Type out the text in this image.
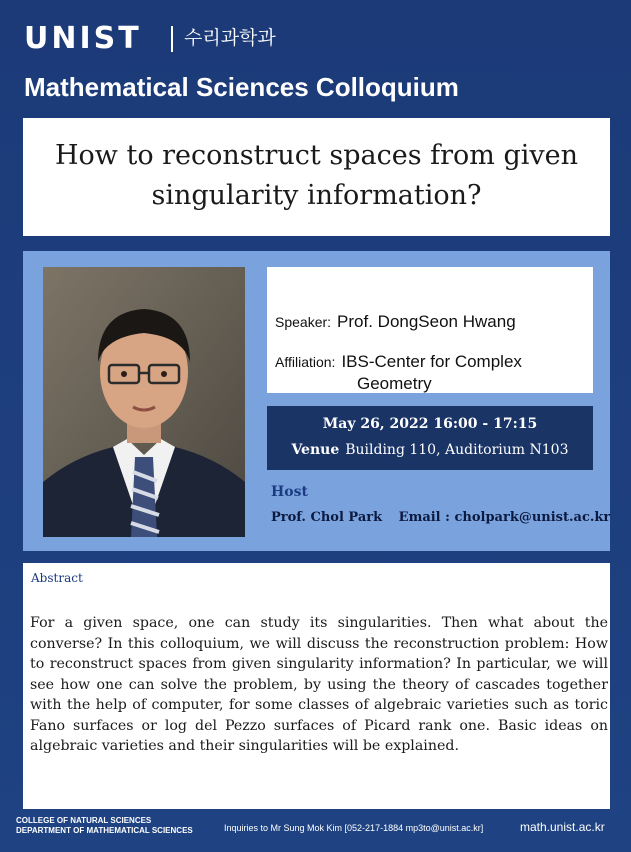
UNIST 수리과학과
Mathematical Sciences Colloquium
How to reconstruct spaces from given
singularity information?
Speaker: Prof. DongSeon Hwang
Affiliation: IBS-Center for Complex
Geometry
May 26, 2022 16:00 - 17:15
Venue Building 110, Auditorium N103
Host
Prof. Chol Park Email : cholpark@unist.ac.kr
Abstract
For a given space, one can study its singularities. Then what about the converse? In this colloquium, we will discuss the reconstruction problem: How to reconstruct spaces from given singularity information? In particular, we will see how one can solve the problem, by using the theory of cascades together with the help of computer, for some classes of algebraic varieties such as toric Fano surfaces or log del Pezzo surfaces of Picard rank one. Basic ideas on algebraic varieties and their singularities will be explained.
COLLEGE OF NATURAL SCIENCES
DEPARTMENT OF MATHEMATICAL SCIENCES	Inquiries to Mr Sung Mok Kim [052-217-1884 mp3to@unist.ac.kr]	math.unist.ac.kr
